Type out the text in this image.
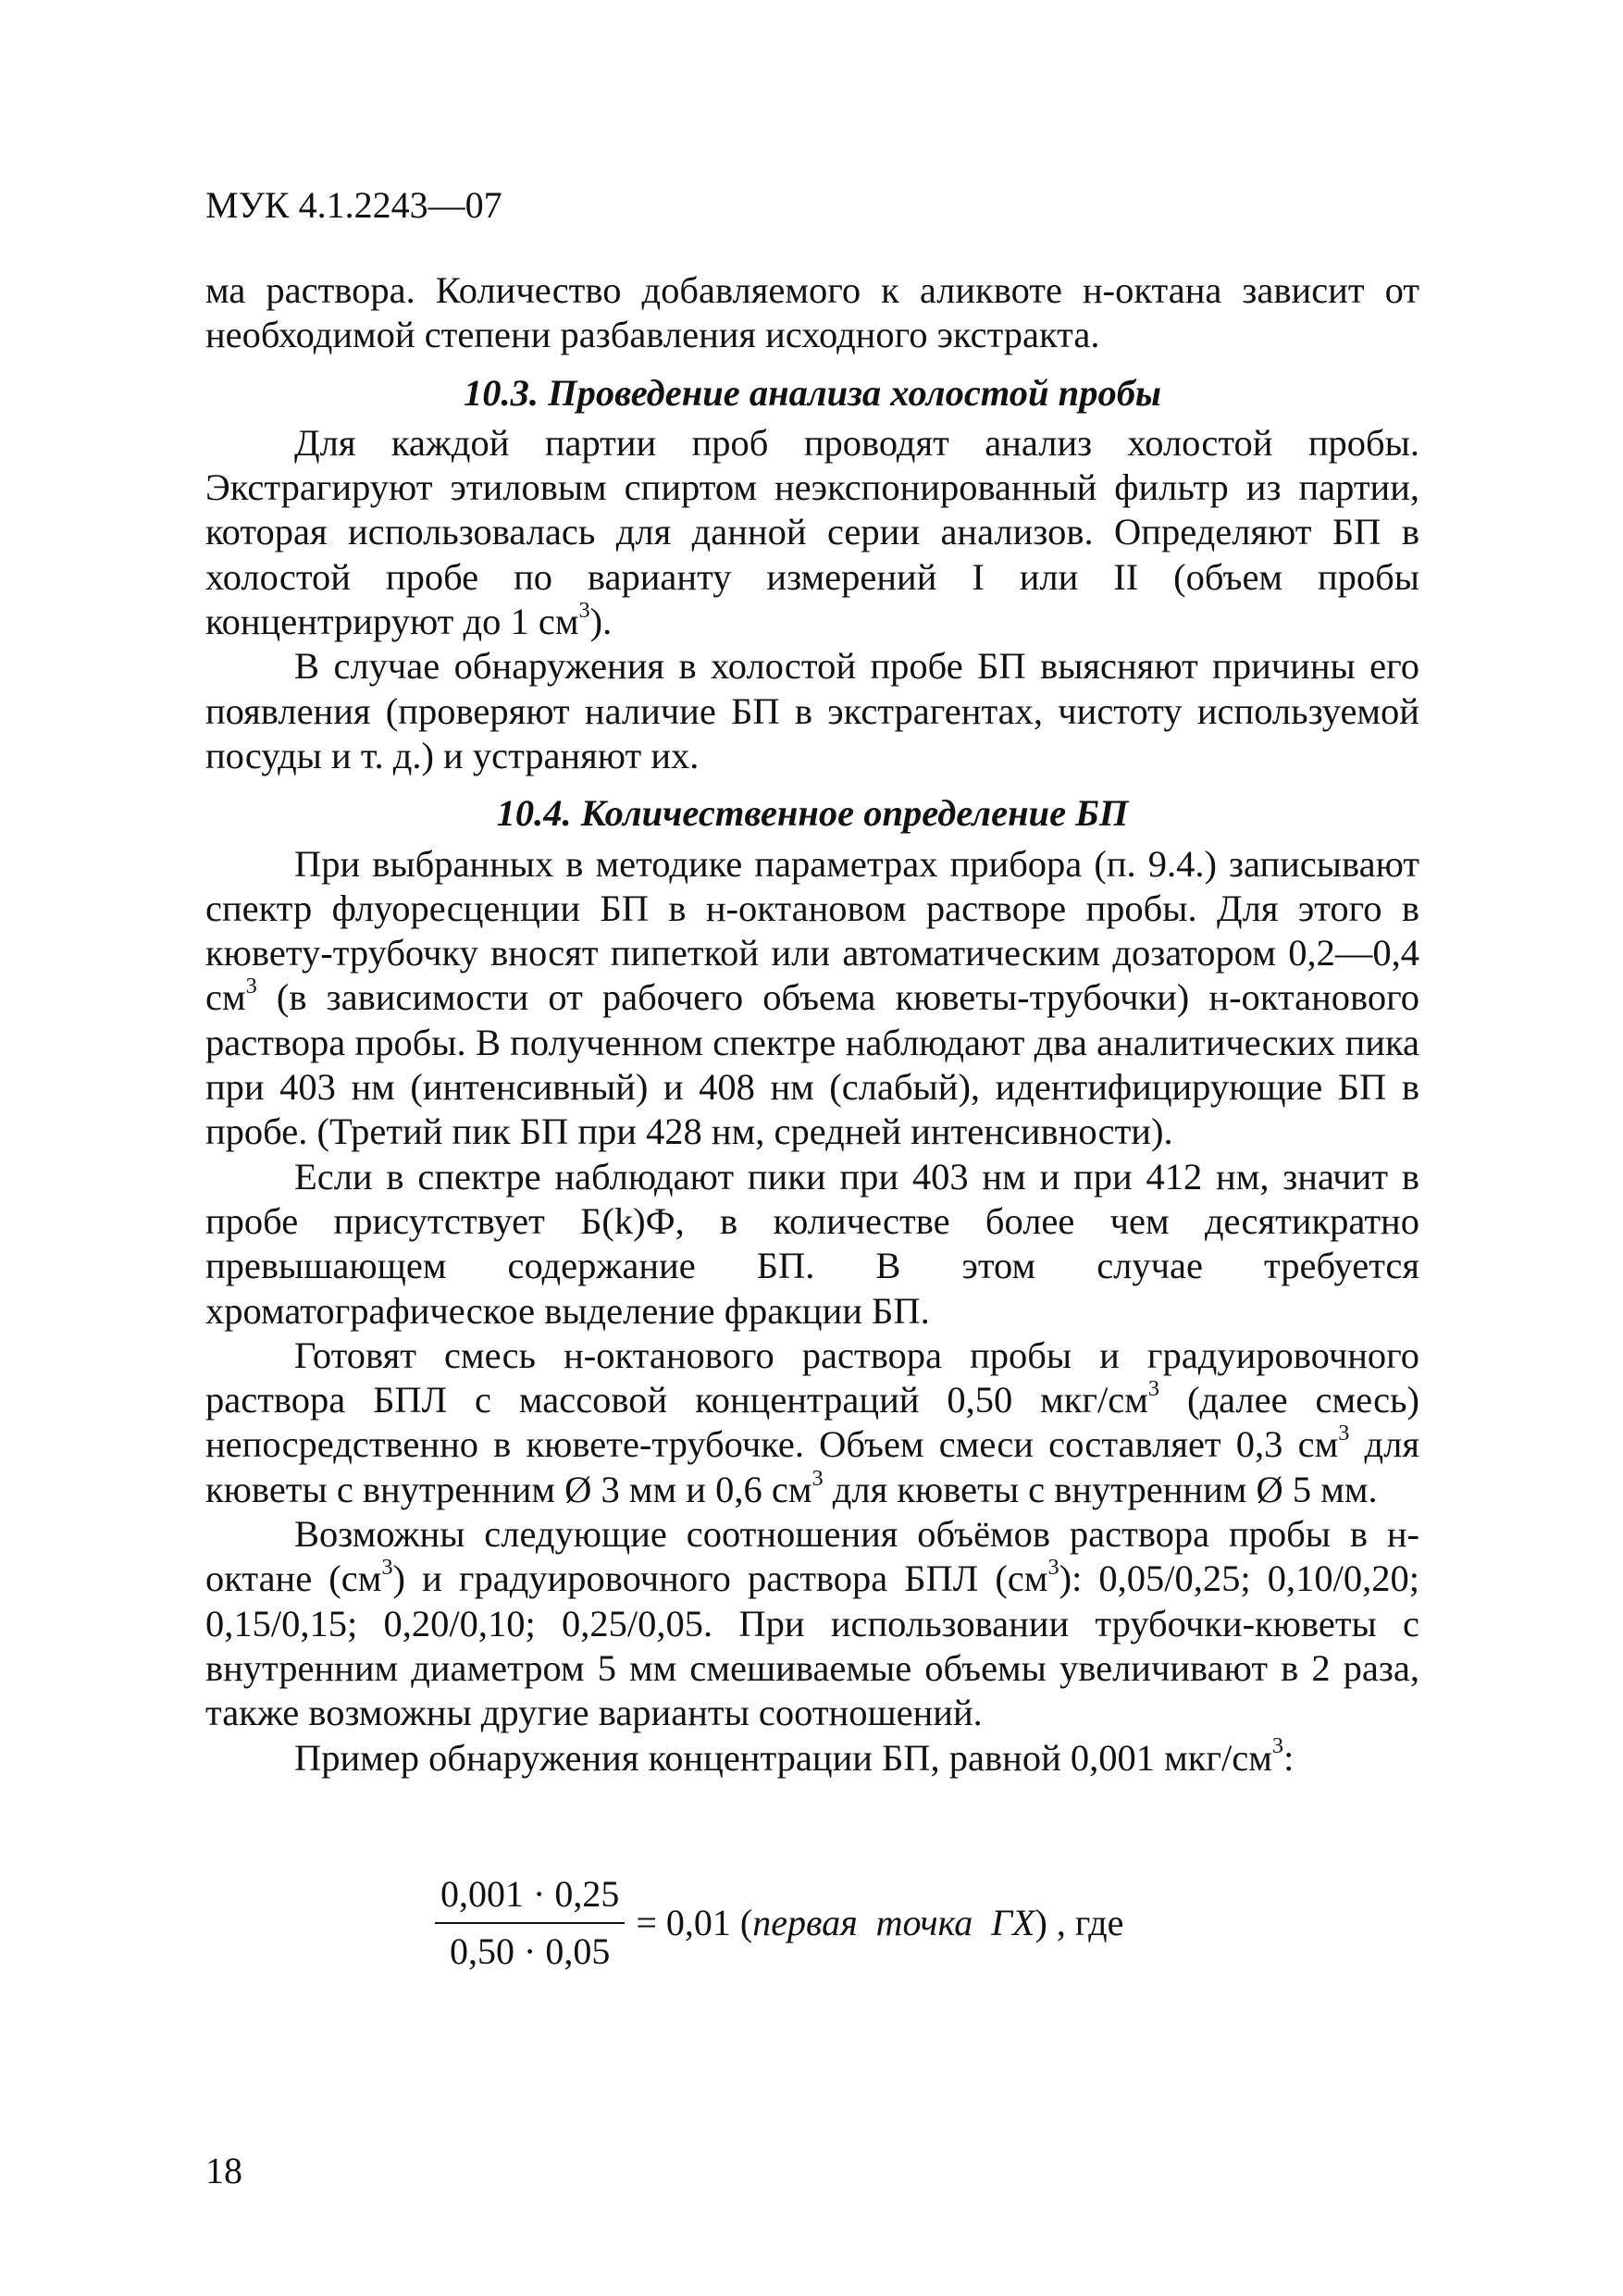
МУК 4.1.2243—07

ма раствора. Количество добавляемого к аликвоте н-октана зависит от необходимой степени разбавления исходного экстракта.

10.3. Проведение анализа холостой пробы

Для каждой партии проб проводят анализ холостой пробы. Экстрагируют этиловым спиртом неэкспонированный фильтр из партии, которая использовалась для данной серии анализов. Определяют БП в холостой пробе по варианту измерений I или II (объем пробы концентрируют до 1 $см^3$).

В случае обнаружения в холостой пробе БП выясняют причины его появления (проверяют наличие БП в экстрагентах, чистоту используемой посуды и т. д.) и устраняют их.

10.4. Количественное определение БП

При выбранных в методике параметрах прибора (п. 9.4.) записывают спектр флуоресценции БП в н-октановом растворе пробы. Для этого в кювету-трубочку вносят пипеткой или автоматическим дозатором 0,2—0,4 $см^3$ (в зависимости от рабочего объема кюветы-трубочки) н-октанового раствора пробы. В полученном спектре наблюдают два аналитических пика при 403 нм (интенсивный) и 408 нм (слабый), идентифицирующие БП в пробе. (Третий пик БП при 428 нм, средней интенсивности).

Если в спектре наблюдают пики при 403 нм и при 412 нм, значит в пробе присутствует Б(k)Ф, в количестве более чем десятикратно превышающем содержание БП. В этом случае требуется хроматографическое выделение фракции БП.

Готовят смесь н-октанового раствора пробы и градуировочного раствора БПЛ с массовой концентраций 0,50 мкг/$см^3$ (далее смесь) непосредственно в кювете-трубочке. Объем смеси составляет 0,3 $см^3$ для кюветы с внутренним Ø 3 мм и 0,6 $см^3$ для кюветы с внутренним Ø 5 мм.

Возможны следующие соотношения объёмов раствора пробы в н-октане $(см^3)$ и градуировочного раствора БПЛ $(см^3)$: 0,05/0,25; 0,10/0,20; 0,15/0,15; 0,20/0,10; 0,25/0,05. При использовании трубочки-кюветы с внутренним диаметром 5 мм смешиваемые объемы увеличивают в 2 раза, также возможны другие варианты соотношений.

Пример обнаружения концентрации БП, равной 0,001 мкг/$см^3$:

$\frac{0,001 \cdot 0,25}{0,50 \cdot 0,05} = 0,01$ (первая  точка  ГХ) , где
18
